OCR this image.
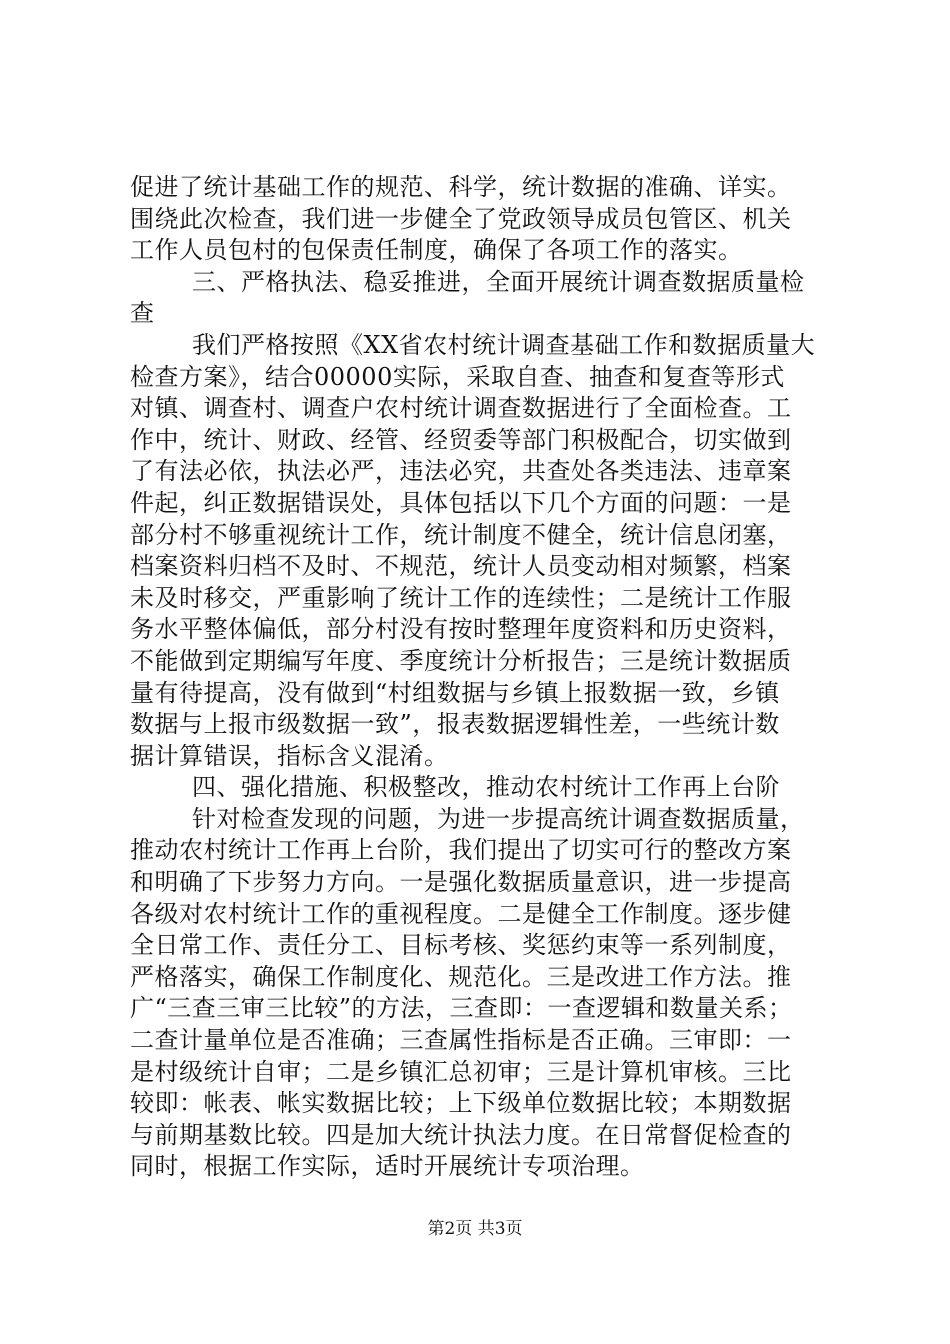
促进了统计基础工作的规范、科学，统计数据的准确、详实。
围绕此次检查，我们进一步健全了党政领导成员包管区、机关
工作人员包村的包保责任制度，确保了各项工作的落实。
三、严格执法、稳妥推进，全面开展统计调查数据质量检
查
我们严格按照《XX省农村统计调查基础工作和数据质量大
检查方案》，结合00000实际，采取自查、抽查和复查等形式
对镇、调查村、调查户农村统计调查数据进行了全面检查。工
作中，统计、财政、经管、经贸委等部门积极配合，切实做到
了有法必依，执法必严，违法必究，共查处各类违法、违章案
件起，纠正数据错误处，具体包括以下几个方面的问题：一是
部分村不够重视统计工作，统计制度不健全，统计信息闭塞，
档案资料归档不及时、不规范，统计人员变动相对频繁，档案
未及时移交，严重影响了统计工作的连续性；二是统计工作服
务水平整体偏低，部分村没有按时整理年度资料和历史资料，
不能做到定期编写年度、季度统计分析报告；三是统计数据质
量有待提高，没有做到“村组数据与乡镇上报数据一致，乡镇
数据与上报市级数据一致”，报表数据逻辑性差，一些统计数
据计算错误，指标含义混淆。
四、强化措施、积极整改，推动农村统计工作再上台阶
针对检查发现的问题，为进一步提高统计调查数据质量，
推动农村统计工作再上台阶，我们提出了切实可行的整改方案
和明确了下步努力方向。一是强化数据质量意识，进一步提高
各级对农村统计工作的重视程度。二是健全工作制度。逐步健
全日常工作、责任分工、目标考核、奖惩约束等一系列制度，
严格落实，确保工作制度化、规范化。三是改进工作方法。推
广“三查三审三比较”的方法，三查即：一查逻辑和数量关系；
二查计量单位是否准确；三查属性指标是否正确。三审即：一
是村级统计自审；二是乡镇汇总初审；三是计算机审核。三比
较即：帐表、帐实数据比较；上下级单位数据比较；本期数据
与前期基数比较。四是加大统计执法力度。在日常督促检查的
同时，根据工作实际，适时开展统计专项治理。
第2页 共3页
